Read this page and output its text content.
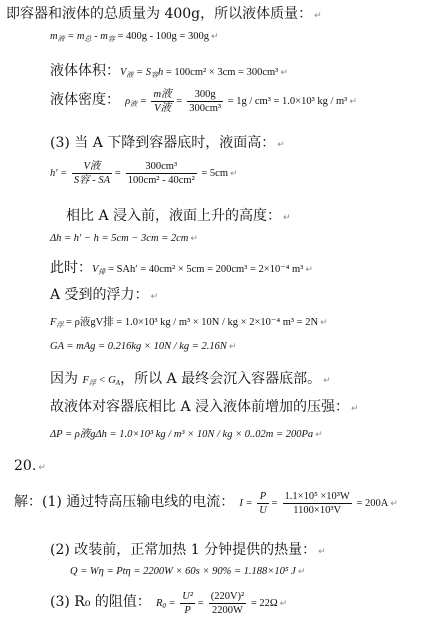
即容器和液体的总质量为 400g，所以液体质量： ↵
$m_液 = m_总 - m_容 = 400g - 100g = 300g$ ↵
液体体积：$V_液 = S_容h = 100cm^2 \times 3cm = 300cm^3$ ↵
液体密度： $\rho_液 = \frac{\text{m液}}{\text{V液}} = \frac{300g}{\text{300cm³}} = 1g / cm^3 = 1.0\times 10^3$ kg / m³ ↵
(3) 当 A 下降到容器底时，液面高： ↵
$h' = \frac{\text{V液}}{\text{S容 - SA}} = \frac{\text{300cm³}}{\text{100cm² - 40cm²}} = 5cm$ ↵
相比 A 浸入前，液面上升的高度： ↵
Δh = h′ − h = 5cm − 3cm = 2cm ↵
此时：$V_排 = SAh' = 40cm^2 \times 5cm = 200cm^3 = 2\times 10^{-4}$ m³ ↵
A 受到的浮力： ↵
$F_浮 = \rho$液gV排 = 1.0×10³ kg / m³ × 10N / kg × 2×10⁻⁴ m³ = 2N ↵
GA = mAg = 0.216kg × 10N / kg = 2.16N ↵
因为 $F_浮 < G_A$，所以 A 最终会沉入容器底部。 ↵
故液体对容器底相比 A 浸入液体前增加的压强： ↵
ΔP = ρ液gΔh = 1.0×10³ kg / m³ × 10N / kg × 0..02m = 200Pa ↵
20. ↵
解：(1) 通过特高压输电线的电流： $I = \frac{P}{U} = \frac{\text{1.1×10⁵ ×10³W}}{\text{1100×10³V}} = 200A$ ↵
(2) 改装前，正常加热 1 分钟提供的热量： ↵
Q = Wη = Ptη = 2200W × 60s × 90% = 1.188×10⁵ J ↵
(3) R₀ 的阻值： $R_0 = \frac{\text{U²}}{P} = \frac{\text{(220V)²}}{2200W} = 22\Omega$ ↵
